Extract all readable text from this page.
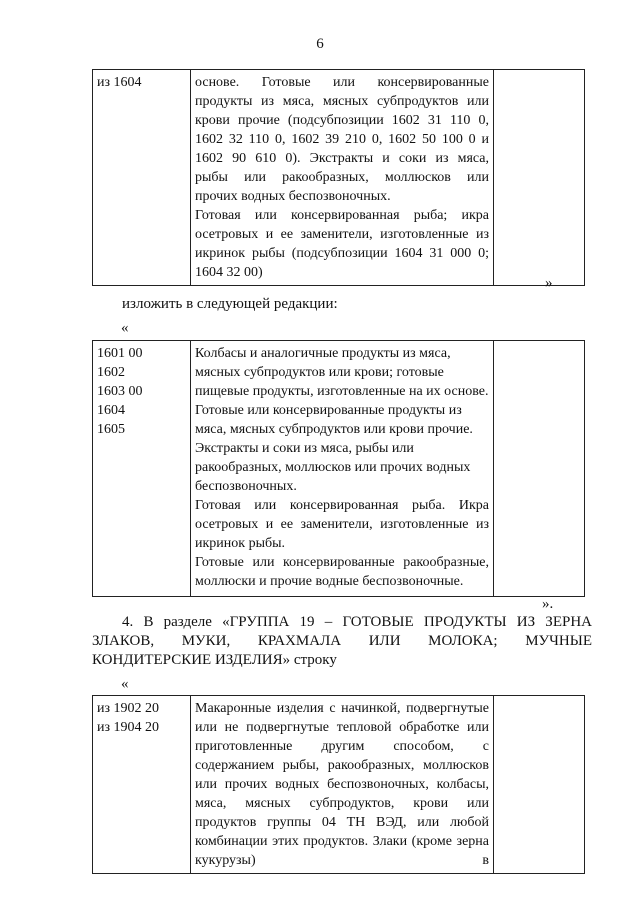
6
из 1604	основе. Готовые или консервированные
продукты из мяса, мясных субпродуктов или
крови прочие (подсубпозиции 1602 31 110 0,
1602 32 110 0, 1602 39 210 0, 1602 50 100 0 и
1602 90 610 0). Экстракты и соки из мяса,
рыбы или ракообразных, моллюсков или
прочих водных беспозвоночных.
Готовая или консервированная рыба; икра
осетровых и ее заменители, изготовленные из
икринок рыбы (подсубпозиции 1604 31 000 0;
1604 32 00)

»
изложить в следующей редакции:
«
1601 00
1602
1603 00
1604
1605

Колбасы и аналогичные продукты из мяса, мясных субпродуктов или крови; готовые пищевые продукты, изготовленные на их основе. Готовые или консервированные продукты из мяса, мясных субпродуктов или крови прочие. Экстракты и соки из мяса, рыбы или ракообразных, моллюсков или прочих водных беспозвоночных.
Готовая или консервированная рыба. Икра осетровых и ее заменители, изготовленные из икринок рыбы.
Готовые или консервированные ракообразные, моллюски и прочие водные беспозвоночные.

».
4. В разделе «ГРУППА 19 – ГОТОВЫЕ ПРОДУКТЫ ИЗ ЗЕРНА
ЗЛАКОВ, МУКИ, КРАХМАЛА ИЛИ МОЛОКА; МУЧНЫЕ
КОНДИТЕРСКИЕ ИЗДЕЛИЯ» строку
«
из 1902 20
из 1904 20

Макаронные изделия с начинкой, подвергнутые или не подвергнутые тепловой обработке или приготовленные другим способом, с содержанием рыбы, ракообразных, моллюсков или прочих водных беспозвоночных, колбасы, мяса, мясных субпродуктов, крови или продуктов группы 04 ТН ВЭД, или любой комбинации этих продуктов. Злаки (кроме зерна кукурузы) в
